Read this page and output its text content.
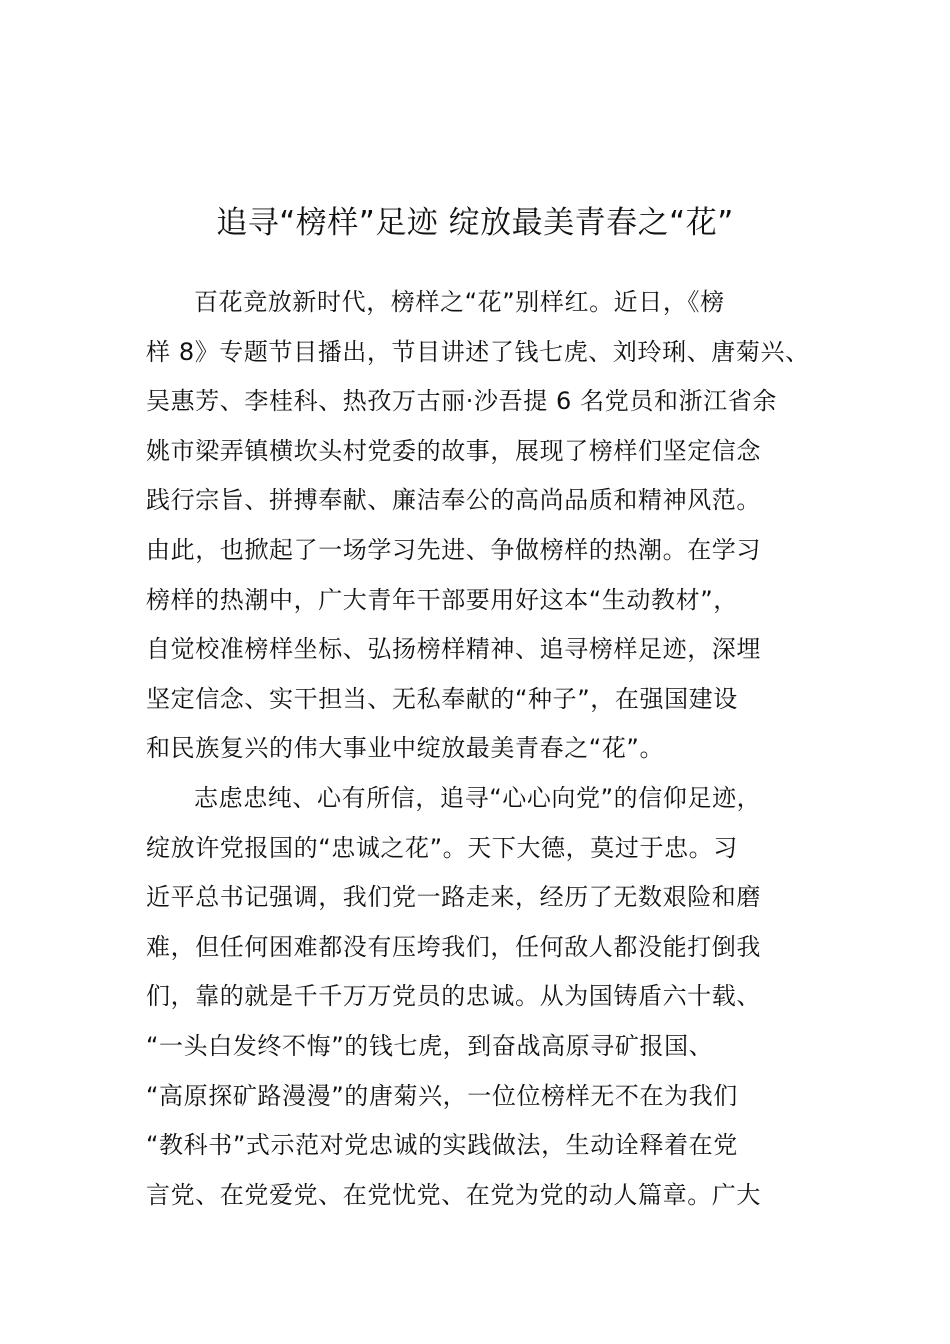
追寻“榜样”足迹 绽放最美青春之“花”
百花竞放新时代，榜样之“花”别样红。近日，《榜
样 8》专题节目播出，节目讲述了钱七虎、刘玲琍、唐菊兴、
吴惠芳、李桂科、热孜万古丽·沙吾提 6 名党员和浙江省余
姚市梁弄镇横坎头村党委的故事，展现了榜样们坚定信念
践行宗旨、拼搏奉献、廉洁奉公的高尚品质和精神风范。
由此，也掀起了一场学习先进、争做榜样的热潮。在学习
榜样的热潮中，广大青年干部要用好这本“生动教材”，
自觉校准榜样坐标、弘扬榜样精神、追寻榜样足迹，深埋
坚定信念、实干担当、无私奉献的“种子”，在强国建设
和民族复兴的伟大事业中绽放最美青春之“花”。
志虑忠纯、心有所信，追寻“心心向党”的信仰足迹，
绽放许党报国的“忠诚之花”。天下大德，莫过于忠。习
近平总书记强调，我们党一路走来，经历了无数艰险和磨
难，但任何困难都没有压垮我们，任何敌人都没能打倒我
们，靠的就是千千万万党员的忠诚。从为国铸盾六十载、
“一头白发终不悔”的钱七虎，到奋战高原寻矿报国、
“高原探矿路漫漫”的唐菊兴，一位位榜样无不在为我们
“教科书”式示范对党忠诚的实践做法，生动诠释着在党
言党、在党爱党、在党忧党、在党为党的动人篇章。广大
